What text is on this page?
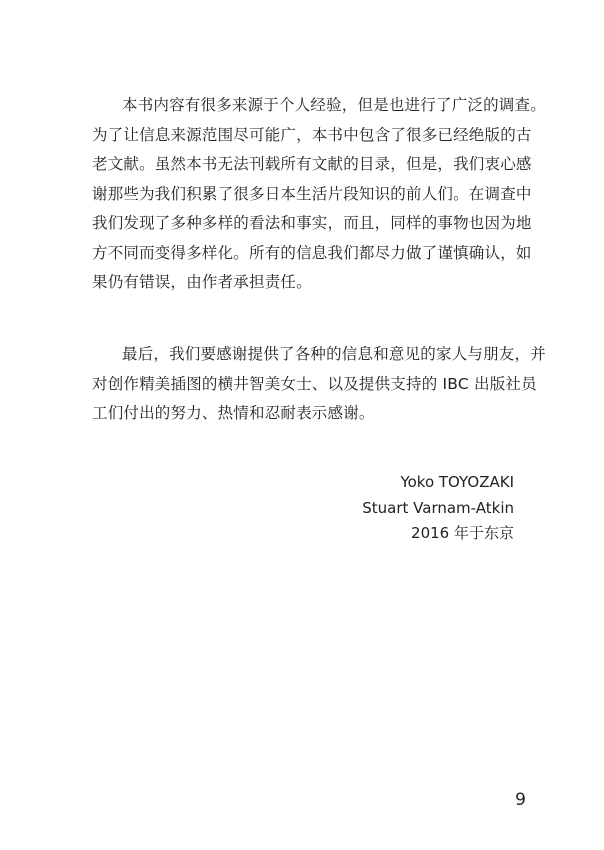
本书内容有很多来源于个人经验，但是也进行了广泛的调查。
为了让信息来源范围尽可能广，本书中包含了很多已经绝版的古
老文献。虽然本书无法刊载所有文献的目录，但是，我们衷心感
谢那些为我们积累了很多日本生活片段知识的前人们。在调查中
我们发现了多种多样的看法和事实，而且，同样的事物也因为地
方不同而变得多样化。所有的信息我们都尽力做了谨慎确认，如
果仍有错误，由作者承担责任。

最后，我们要感谢提供了各种的信息和意见的家人与朋友，并
对创作精美插图的横井智美女士、以及提供支持的 IBC 出版社员
工们付出的努力、热情和忍耐表示感谢。

Yoko TOYOZAKI
Stuart Varnam-Atkin
2016 年于东京
9
